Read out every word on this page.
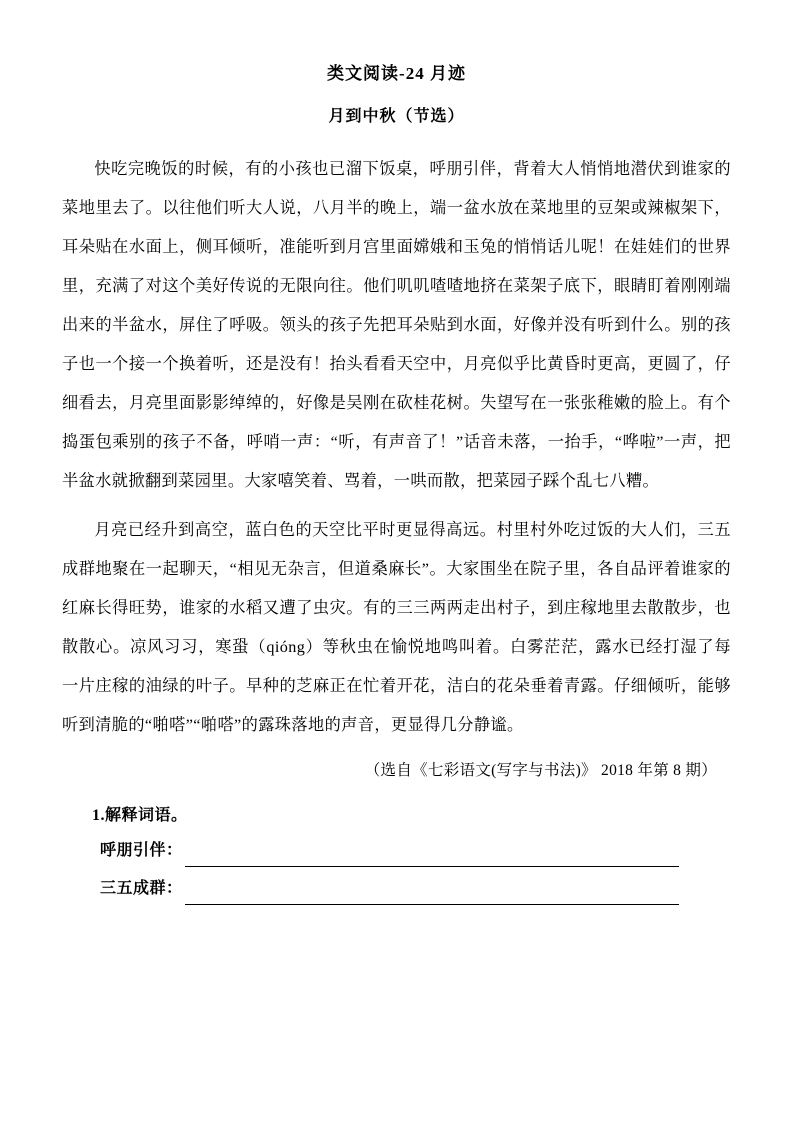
类文阅读-24 月迹
月到中秋（节选）

快吃完晚饭的时候，有的小孩也已溜下饭桌，呼朋引伴，背着大人悄悄地潜伏到谁家的菜地里去了。以往他们听大人说，八月半的晚上，端一盆水放在菜地里的豆架或辣椒架下，耳朵贴在水面上，侧耳倾听，准能听到月宫里面嫦娥和玉兔的悄悄话儿呢！在娃娃们的世界里，充满了对这个美好传说的无限向往。他们叽叽喳喳地挤在菜架子底下，眼睛盯着刚刚端出来的半盆水，屏住了呼吸。领头的孩子先把耳朵贴到水面，好像并没有听到什么。别的孩子也一个接一个换着听，还是没有！抬头看看天空中，月亮似乎比黄昏时更高，更圆了，仔细看去，月亮里面影影绰绰的，好像是吴刚在砍桂花树。失望写在一张张稚嫩的脸上。有个捣蛋包乘别的孩子不备，呼哨一声：“听，有声音了！”话音未落，一抬手，“哗啦”一声，把半盆水就掀翻到菜园里。大家嘻笑着、骂着，一哄而散，把菜园子踩个乱七八糟。

月亮已经升到高空，蓝白色的天空比平时更显得高远。村里村外吃过饭的大人们，三五成群地聚在一起聊天，“相见无杂言，但道桑麻长”。大家围坐在院子里，各自品评着谁家的红麻长得旺势，谁家的水稻又遭了虫灾。有的三三两两走出村子，到庄稼地里去散散步，也散散心。凉风习习，寒蛩（qióng）等秋虫在愉悦地鸣叫着。白雾茫茫，露水已经打湿了每一片庄稼的油绿的叶子。早种的芝麻正在忙着开花，洁白的花朵垂着青露。仔细倾听，能够听到清脆的“啪嗒”“啪嗒”的露珠落地的声音，更显得几分静谧。

（选自《七彩语文(写字与书法)》 2018 年第 8 期）

1.解释词语。

呼朋引伴：
三五成群：
